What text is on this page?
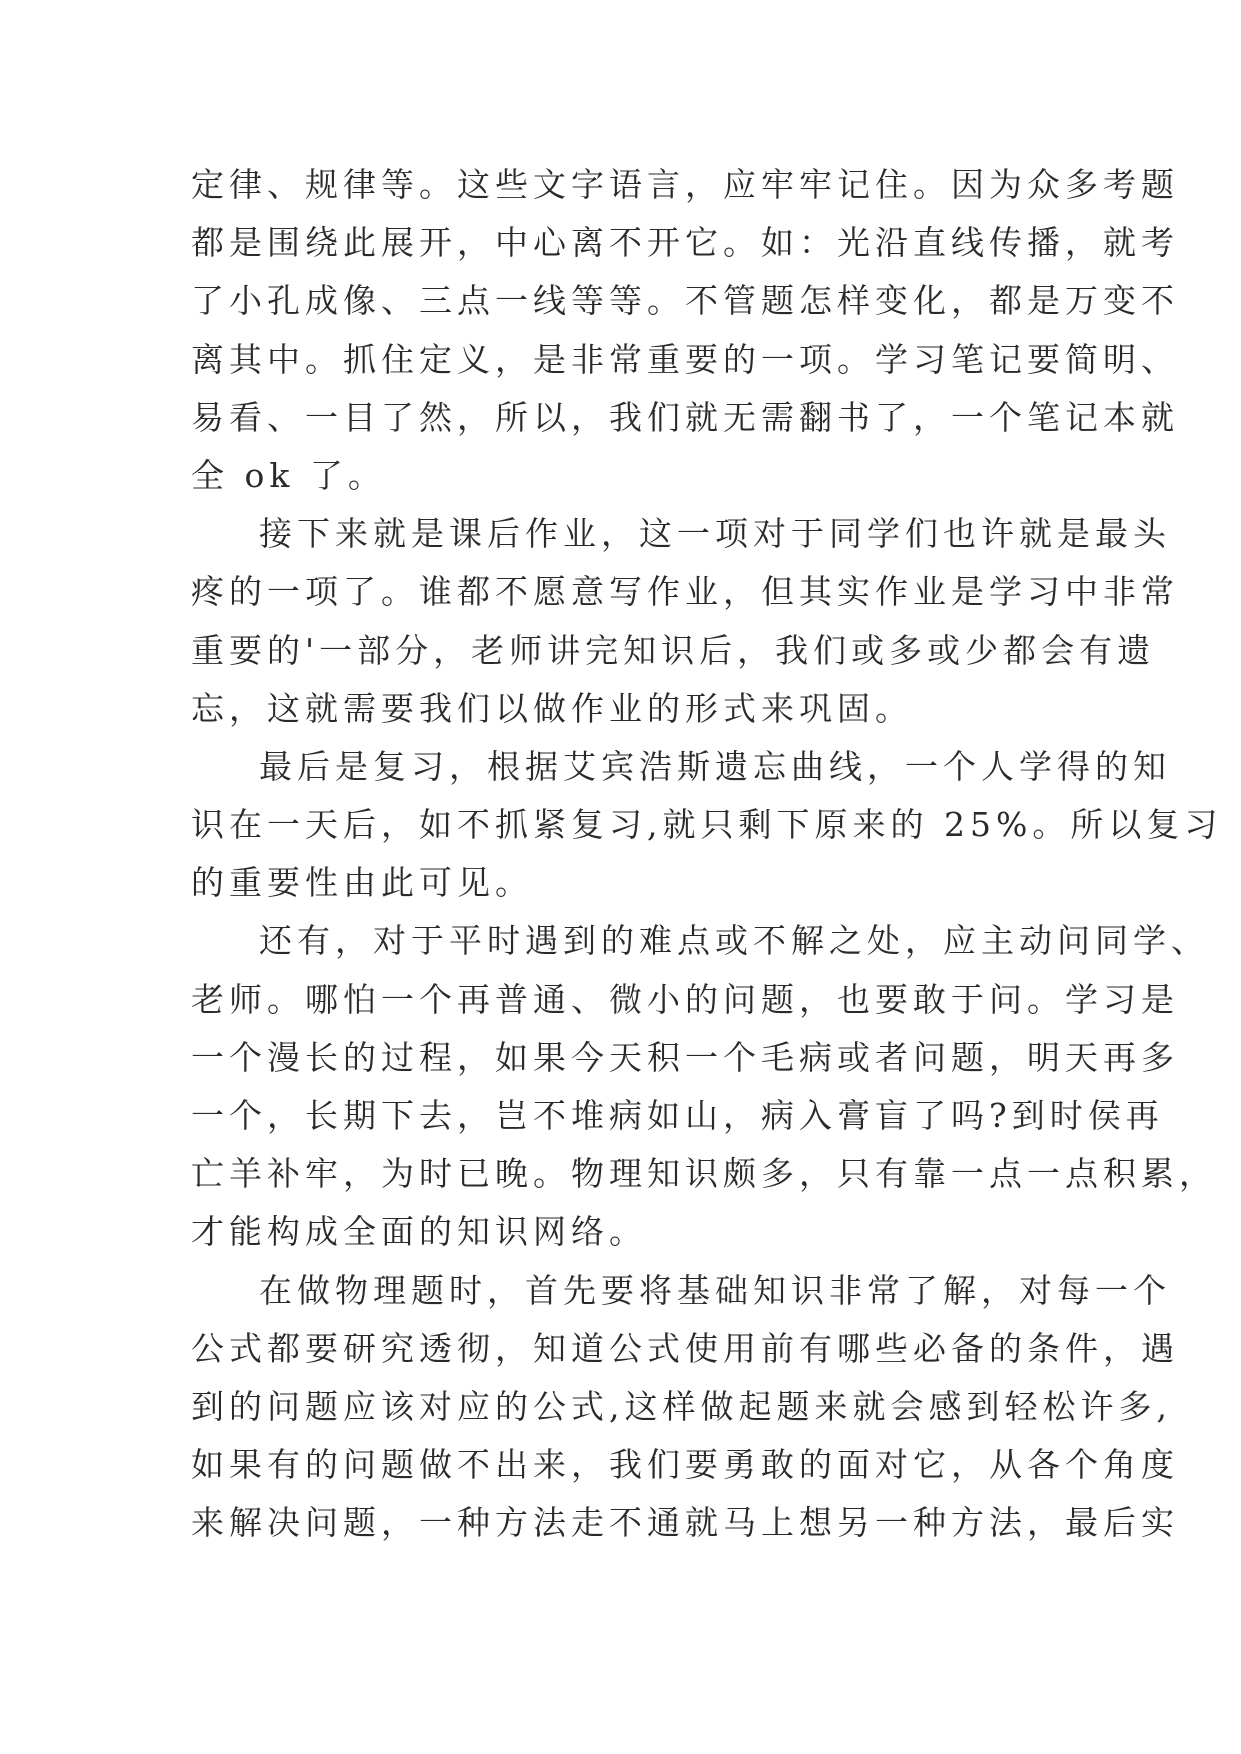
定律、规律等。这些文字语言，应牢牢记住。因为众多考题
都是围绕此展开，中心离不开它。如：光沿直线传播，就考
了小孔成像、三点一线等等。不管题怎样变化，都是万变不
离其中。抓住定义，是非常重要的一项。学习笔记要简明、
易看、一目了然，所以，我们就无需翻书了，一个笔记本就
全 ok 了。
接下来就是课后作业，这一项对于同学们也许就是最头
疼的一项了。谁都不愿意写作业，但其实作业是学习中非常
重要的'一部分，老师讲完知识后，我们或多或少都会有遗
忘，这就需要我们以做作业的形式来巩固。
最后是复习，根据艾宾浩斯遗忘曲线，一个人学得的知
识在一天后，如不抓紧复习,就只剩下原来的 25%。所以复习
的重要性由此可见。
还有，对于平时遇到的难点或不解之处，应主动问同学、
老师。哪怕一个再普通、微小的问题，也要敢于问。学习是
一个漫长的过程，如果今天积一个毛病或者问题，明天再多
一个，长期下去，岂不堆病如山，病入膏盲了吗?到时侯再
亡羊补牢，为时已晚。物理知识颇多，只有靠一点一点积累，
才能构成全面的知识网络。
在做物理题时，首先要将基础知识非常了解，对每一个
公式都要研究透彻，知道公式使用前有哪些必备的条件，遇
到的问题应该对应的公式,这样做起题来就会感到轻松许多,
如果有的问题做不出来，我们要勇敢的面对它，从各个角度
来解决问题，一种方法走不通就马上想另一种方法，最后实
